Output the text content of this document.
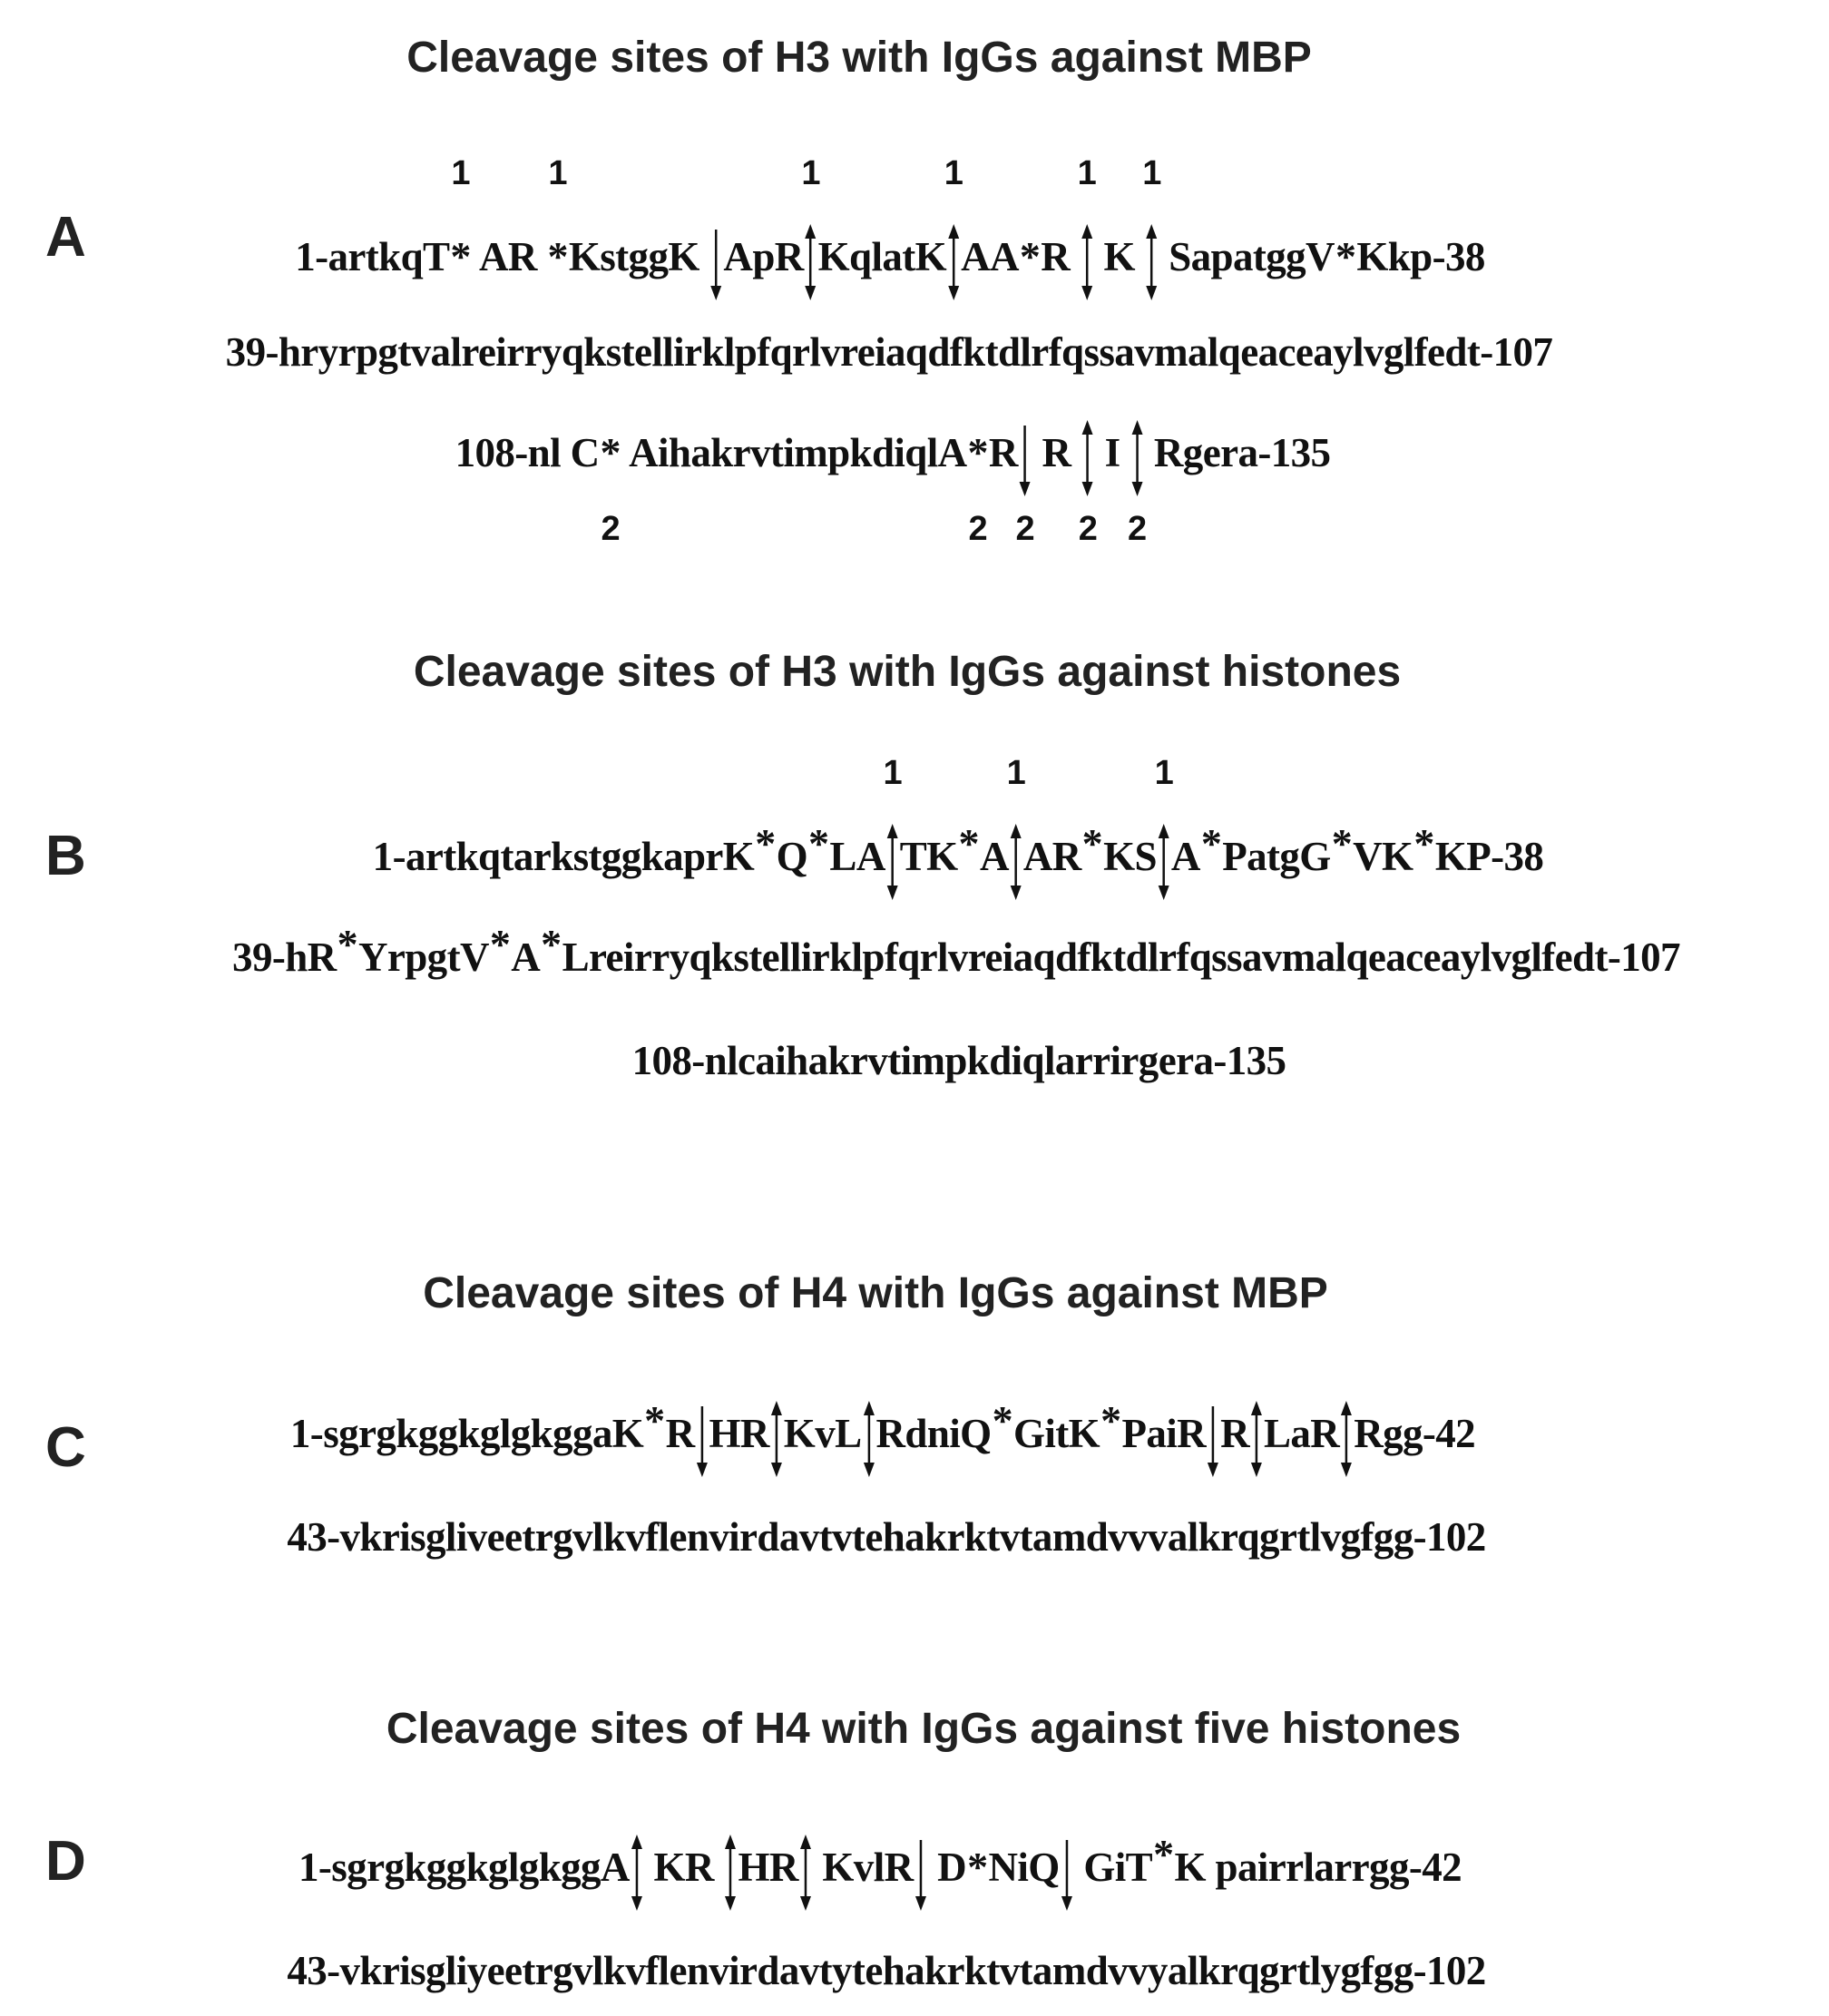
Cleavage sites of H3 with IgGs against MBP
A	1-artkqT*
1
AR *
1
KstggK
ApR
1
KqlatK
1
AA*R
1
K
1
SapatggV*Kkp-38
39-hryrpgtvalreirryqkstellirklpfqrlvreiaqdfktdlrfqssavmalqeaceaylvglfedt-107
108-nl C*
2
AihakrvtimpkdiqlA*
2
R
2
R
2
I
2
Rgera-135
Cleavage sites of H3 with IgGs against histones
B	1-artkqtarkstggkaprK*Q*LA
1
TK*A
1
AR*KS
1
A*PatgG*VK*KP-38
39-hR*YrpgtV*A*Lreirryqkstellirklpfqrlvreiaqdfktdlrfqssavmalqeaceaylvglfedt-107
108-nlcaihakrvtimpkdiqlarrirgera-135
Cleavage sites of H4 with IgGs against MBP
C	1-sgrgkggkglgkggaK*R HR KvL RdniQ*GitK*PaiR R LaR Rgg-42
43-vkrisgliveetrgvlkvflenvirdavtvtehakrktvtamdvvvalkrqgrtlvgfgg-102
Cleavage sites of H4 with IgGs against five histones
D	1-sgrgkggkglgkggA
KR
HR
KvlR
D*NiQ
GiT*K pairrlarrgg-42
43-vkrisgliyeetrgvlkvflenvirdavtytehakrktvtamdvvyalkrqgrtlygfgg-102
